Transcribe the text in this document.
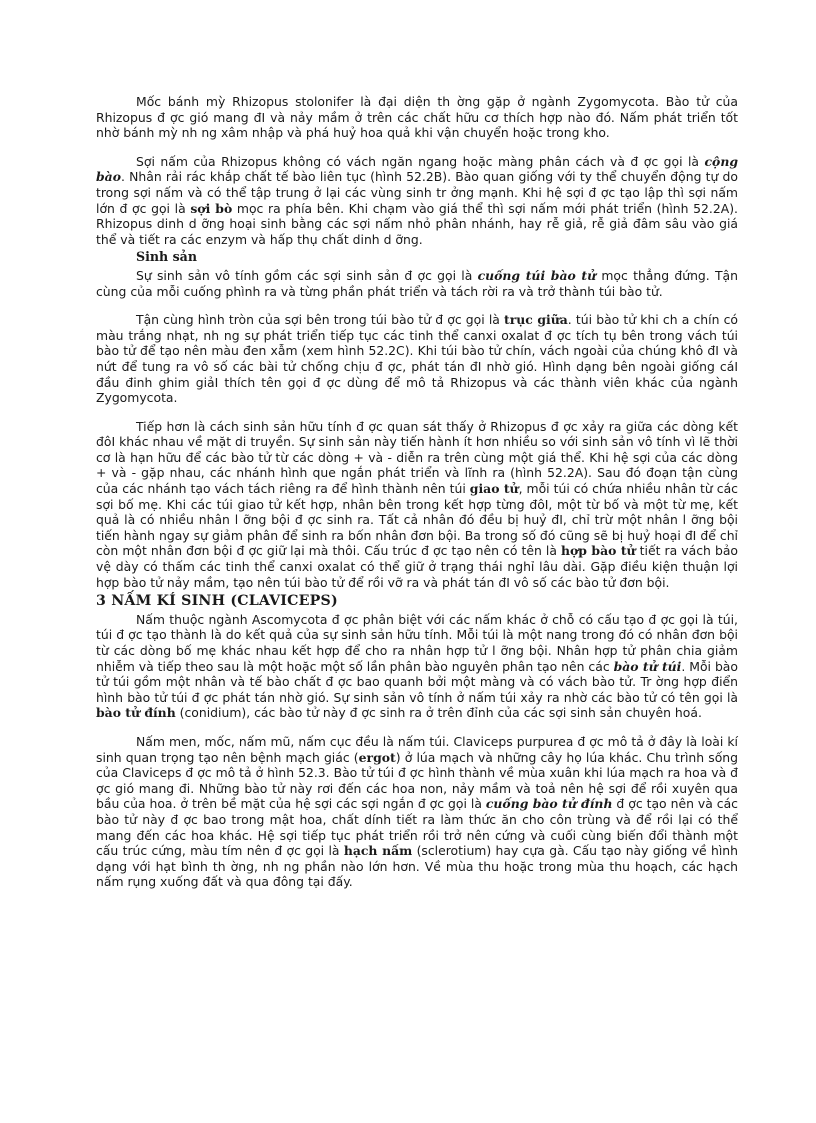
Mốc bánh mỳ Rhizopus stolonifer là đại diện th ờng gặp ở ngành Zygomycota. Bào tử của Rhizopus đ ợc gió mang đI và nảy mầm ở trên các chất hữu cơ thích hợp nào đó. Nấm phát triển tốt nhờ bánh mỳ nh ng xâm nhập và phá huỷ hoa quả khi vận chuyển hoặc trong kho.

Sợi nấm của Rhizopus không có vách ngăn ngang hoặc màng phân cách và đ ợc gọi là cộng bào. Nhân rải rác khắp chất tế bào liên tục (hình 52.2B). Bào quan giống với ty thể chuyển động tự do trong sợi nấm và có thể tập trung ở lại các vùng sinh tr ởng mạnh. Khi hệ sợi đ ợc tạo lập thì sợi nấm lớn đ ợc gọi là sợi bò mọc ra phía bên. Khi chạm vào giá thể thì sợi nấm mới phát triển (hình 52.2A). Rhizopus dinh d ỡng hoại sinh bằng các sợi nấm nhỏ phân nhánh, hay rễ giả, rễ giả đâm sâu vào giá thể và tiết ra các enzym và hấp thụ chất dinh d ỡng.

Sinh sản

Sự sinh sản vô tính gồm các sợi sinh sản đ ợc gọi là cuống túi bào tử mọc thẳng đứng. Tận cùng của mỗi cuống phình ra và từng phần phát triển và tách rời ra và trở thành túi bào tử.

Tận cùng hình tròn của sợi bên trong túi bào tử đ ợc gọi là trục giữa. túi bào tử khi ch a chín có màu trắng nhạt, nh ng sự phát triển tiếp tục các tinh thể canxi oxalat đ ợc tích tụ bên trong vách túi bào tử để tạo nên màu đen xẫm (xem hình 52.2C). Khi túi bào tử chín, vách ngoài của chúng khô đI và nứt để tung ra vô số các bài tử chống chịu đ ợc, phát tán đI nhờ gió. Hình dạng bên ngoài giống cáI đầu đinh ghim giảI thích tên gọi đ ợc dùng để mô tả Rhizopus và các thành viên khác của ngành Zygomycota.

Tiếp hơn là cách sinh sản hữu tính đ ợc quan sát thấy ở Rhizopus đ ợc xảy ra giữa các dòng kết đôI khác nhau về mặt di truyền. Sự sinh sản này tiến hành ít hơn nhiều so với sinh sản vô tính vì lẽ thời cơ là hạn hữu để các bào tử từ các dòng + và - diễn ra trên cùng một giá thể. Khi hệ sợi của các dòng + và - gặp nhau, các nhánh hình que ngắn phát triển và lĩnh ra (hình 52.2A). Sau đó đoạn tận cùng của các nhánh tạo vách tách riêng ra để hình thành nên túi giao tử, mỗi túi có chứa nhiều nhân từ các sợi bố mẹ. Khi các túi giao tử kết hợp, nhân bên trong kết hợp từng đôI, một từ bố và một từ mẹ, kết quả là có nhiều nhân l ỡng bội đ ợc sinh ra. Tất cả nhân đó đều bị huỷ đI, chỉ trừ một nhân l ỡng bội tiến hành ngay sự giảm phân để sinh ra bốn nhân đơn bội. Ba trong số đó cũng sẽ bị huỷ hoại đI để chỉ còn một nhân đơn bội đ ợc giữ lại mà thôi. Cấu trúc đ ợc tạo nên có tên là hợp bào tử tiết ra vách bảo vệ dày có thấm các tinh thể canxi oxalat có thể giữ ở trạng thái nghỉ lâu dài. Gặp điều kiện thuận lợi hợp bào tử nảy mầm, tạo nên túi bào tử để rồi vỡ ra và phát tán đI vô số các bào tử đơn bội.

3 NẤM KÍ SINH (CLAVICEPS)

Nấm thuộc ngành Ascomycota đ ợc phân biệt với các nấm khác ở chỗ có cấu tạo đ ợc gọi là túi, túi đ ợc tạo thành là do kết quả của sự sinh sản hữu tính. Mỗi túi là một nang trong đó có nhân đơn bội từ các dòng bố mẹ khác nhau kết hợp để cho ra nhân hợp tử l ỡng bội. Nhân hợp tử phân chia giảm nhiễm và tiếp theo sau là một hoặc một số lần phân bào nguyên phân tạo nên các bào tử túi. Mỗi bào tử túi gồm một nhân và tế bào chất đ ợc bao quanh bởi một màng và có vách bào tử. Tr ờng hợp điển hình bào tử túi đ ợc phát tán nhờ gió. Sự sinh sản vô tính ở nấm túi xảy ra nhờ các bào tử có tên gọi là bào tử đính (conidium), các bào tử này đ ợc sinh ra ở trên đỉnh của các sợi sinh sản chuyên hoá.

Nấm men, mốc, nấm mũ, nấm cục đều là nấm túi. Claviceps purpurea đ ợc mô tả ở đây là loài kí sinh quan trọng tạo nên bệnh mạch giác (ergot) ở lúa mạch và những cây họ lúa khác. Chu trình sống của Claviceps đ ợc mô tả ở hình 52.3. Bào tử túi đ ợc hình thành về mùa xuân khi lúa mạch ra hoa và đ ợc gió mang đi. Những bào tử này rơi đến các hoa non, nảy mầm và toả nên hệ sợi để rồi xuyên qua bầu của hoa. ở trên bề mặt của hệ sợi các sợi ngắn đ ợc gọi là cuống bào tử đính đ ợc tạo nên và các bào tử này đ ợc bao trong mật hoa, chất dính tiết ra làm thức ăn cho côn trùng và để rồi lại có thể mang đến các hoa khác. Hệ sợi tiếp tục phát triển rồi trở nên cứng và cuối cùng biến đổi thành một cấu trúc cứng, màu tím nên đ ợc gọi là hạch nấm (sclerotium) hay cựa gà. Cấu tạo này giống về hình dạng với hạt bình th ờng, nh ng phần nào lớn hơn. Về mùa thu hoặc trong mùa thu hoạch, các hạch nấm rụng xuống đất và qua đông tại đấy.
